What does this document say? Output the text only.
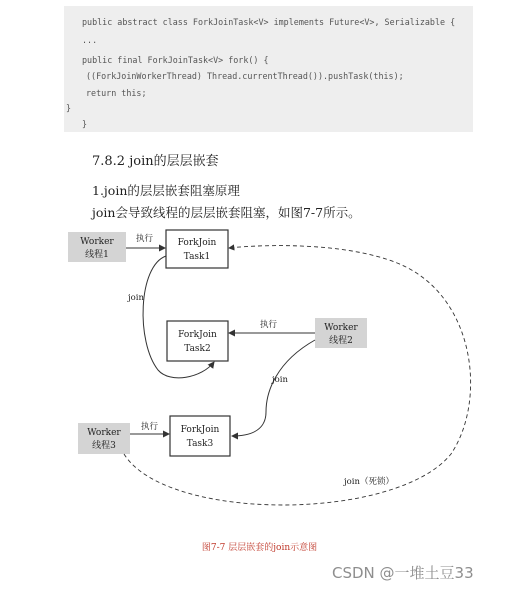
public abstract class ForkJoinTask<V> implements Future<V>, Serializable {
...
public final ForkJoinTask<V> fork() {
((ForkJoinWorkerThread) Thread.currentThread()).pushTask(this);
return this;
}
}
7.8.2 join的层层嵌套
1.join的层层嵌套阻塞原理
join会导致线程的层层嵌套阻塞，如图7-7所示。
Worker
线程1
Worker
线程2
Worker
线程3
ForkJoin
Task1
ForkJoin
Task2
ForkJoin
Task3
执行
执行
执行
join
join
join（死锁）
图7-7 层层嵌套的join示意图
CSDN @一堆土豆33
